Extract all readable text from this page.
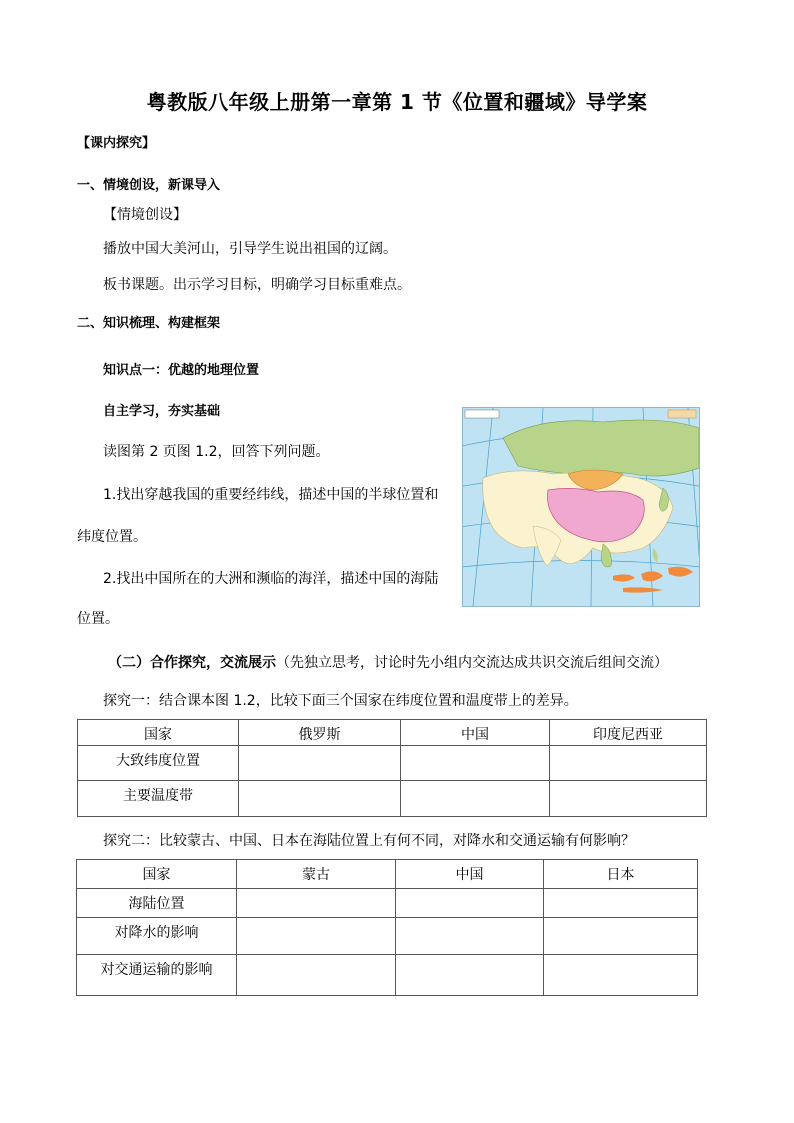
粤教版八年级上册第一章第 1 节《位置和疆域》导学案
【课内探究】
一、情境创设，新课导入
【情境创设】
播放中国大美河山，引导学生说出祖国的辽阔。
板书课题。出示学习目标，明确学习目标重难点。
二、知识梳理、构建框架
知识点一：优越的地理位置
自主学习，夯实基础
读图第 2 页图 1.2，回答下列问题。
1.找出穿越我国的重要经纬线，描述中国的半球位置和
纬度位置。
2.找出中国所在的大洲和濒临的海洋，描述中国的海陆
位置。
（二）合作探究，交流展示（先独立思考，讨论时先小组内交流达成共识交流后组间交流）
探究一：结合课本图 1.2，比较下面三个国家在纬度位置和温度带上的差异。
国家	俄罗斯	中国	印度尼西亚
大致纬度位置			
主要温度带			
探究二：比较蒙古、中国、日本在海陆位置上有何不同，对降水和交通运输有何影响？
国家	蒙古	中国	日本
海陆位置			
对降水的影响			
对交通运输的影响			
